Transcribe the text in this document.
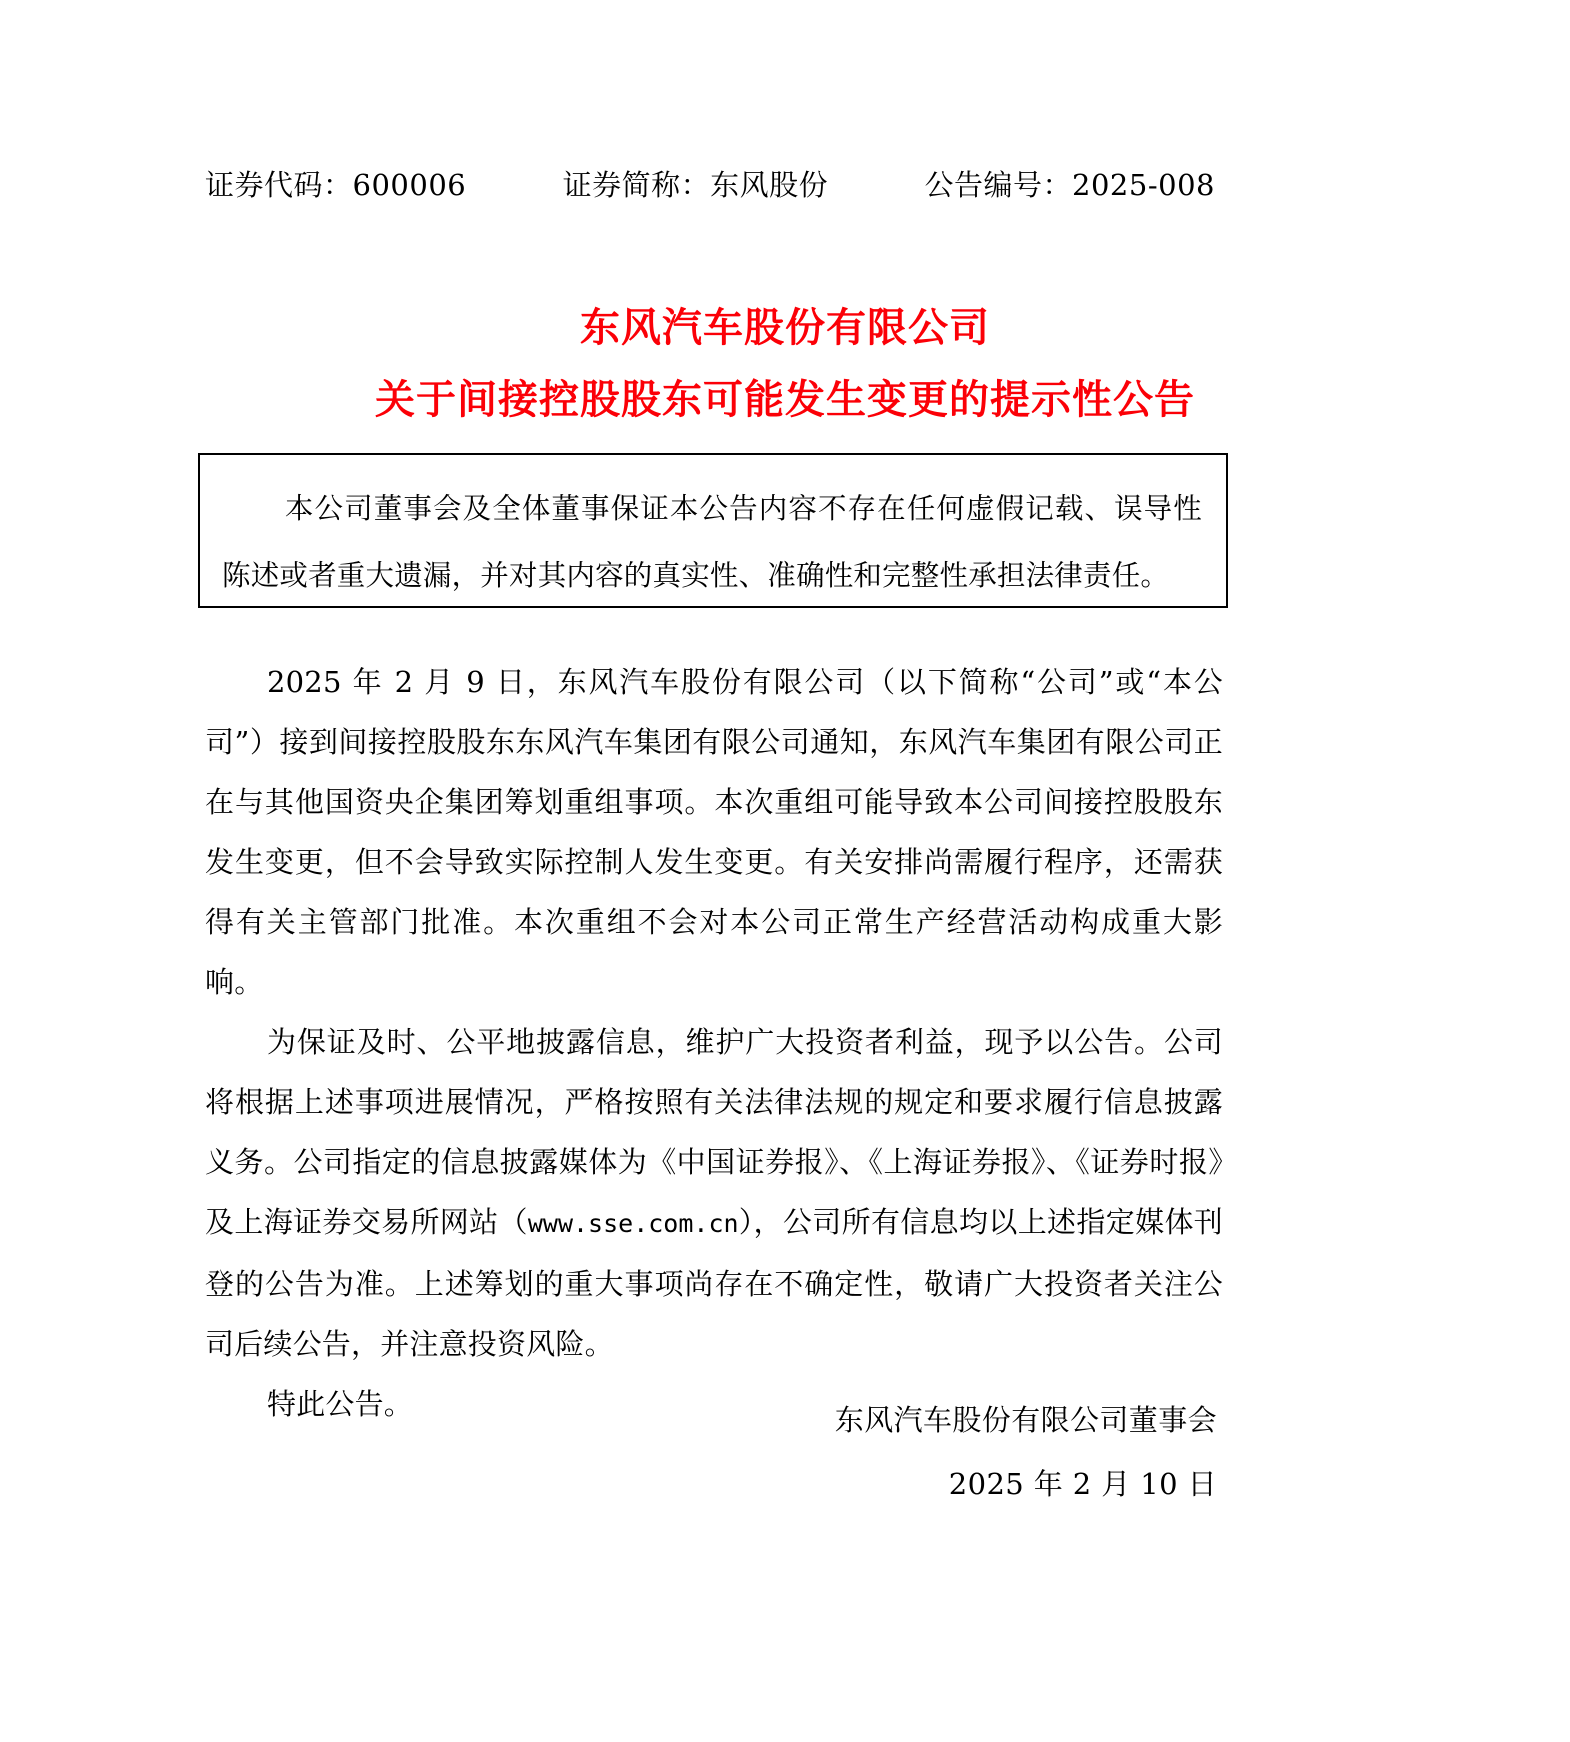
证券代码：600006	证券简称：东风股份	公告编号：2025-008
东风汽车股份有限公司
关于间接控股股东可能发生变更的提示性公告
本公司董事会及全体董事保证本公告内容不存在任何虚假记载、误导性陈述或者重大遗漏，并对其内容的真实性、准确性和完整性承担法律责任。

2025 年 2 月 9 日，东风汽车股份有限公司（以下简称“公司”或“本公司”）接到间接控股股东东风汽车集团有限公司通知，东风汽车集团有限公司正在与其他国资央企集团筹划重组事项。本次重组可能导致本公司间接控股股东发生变更，但不会导致实际控制人发生变更。有关安排尚需履行程序，还需获得有关主管部门批准。本次重组不会对本公司正常生产经营活动构成重大影响。

为保证及时、公平地披露信息，维护广大投资者利益，现予以公告。公司将根据上述事项进展情况，严格按照有关法律法规的规定和要求履行信息披露义务。公司指定的信息披露媒体为《中国证券报》、《上海证券报》、《证券时报》及上海证券交易所网站（www.sse.com.cn），公司所有信息均以上述指定媒体刊登的公告为准。上述筹划的重大事项尚存在不确定性，敬请广大投资者关注公司后续公告，并注意投资风险。

特此公告。	东风汽车股份有限公司董事会
2025 年 2 月 10 日
